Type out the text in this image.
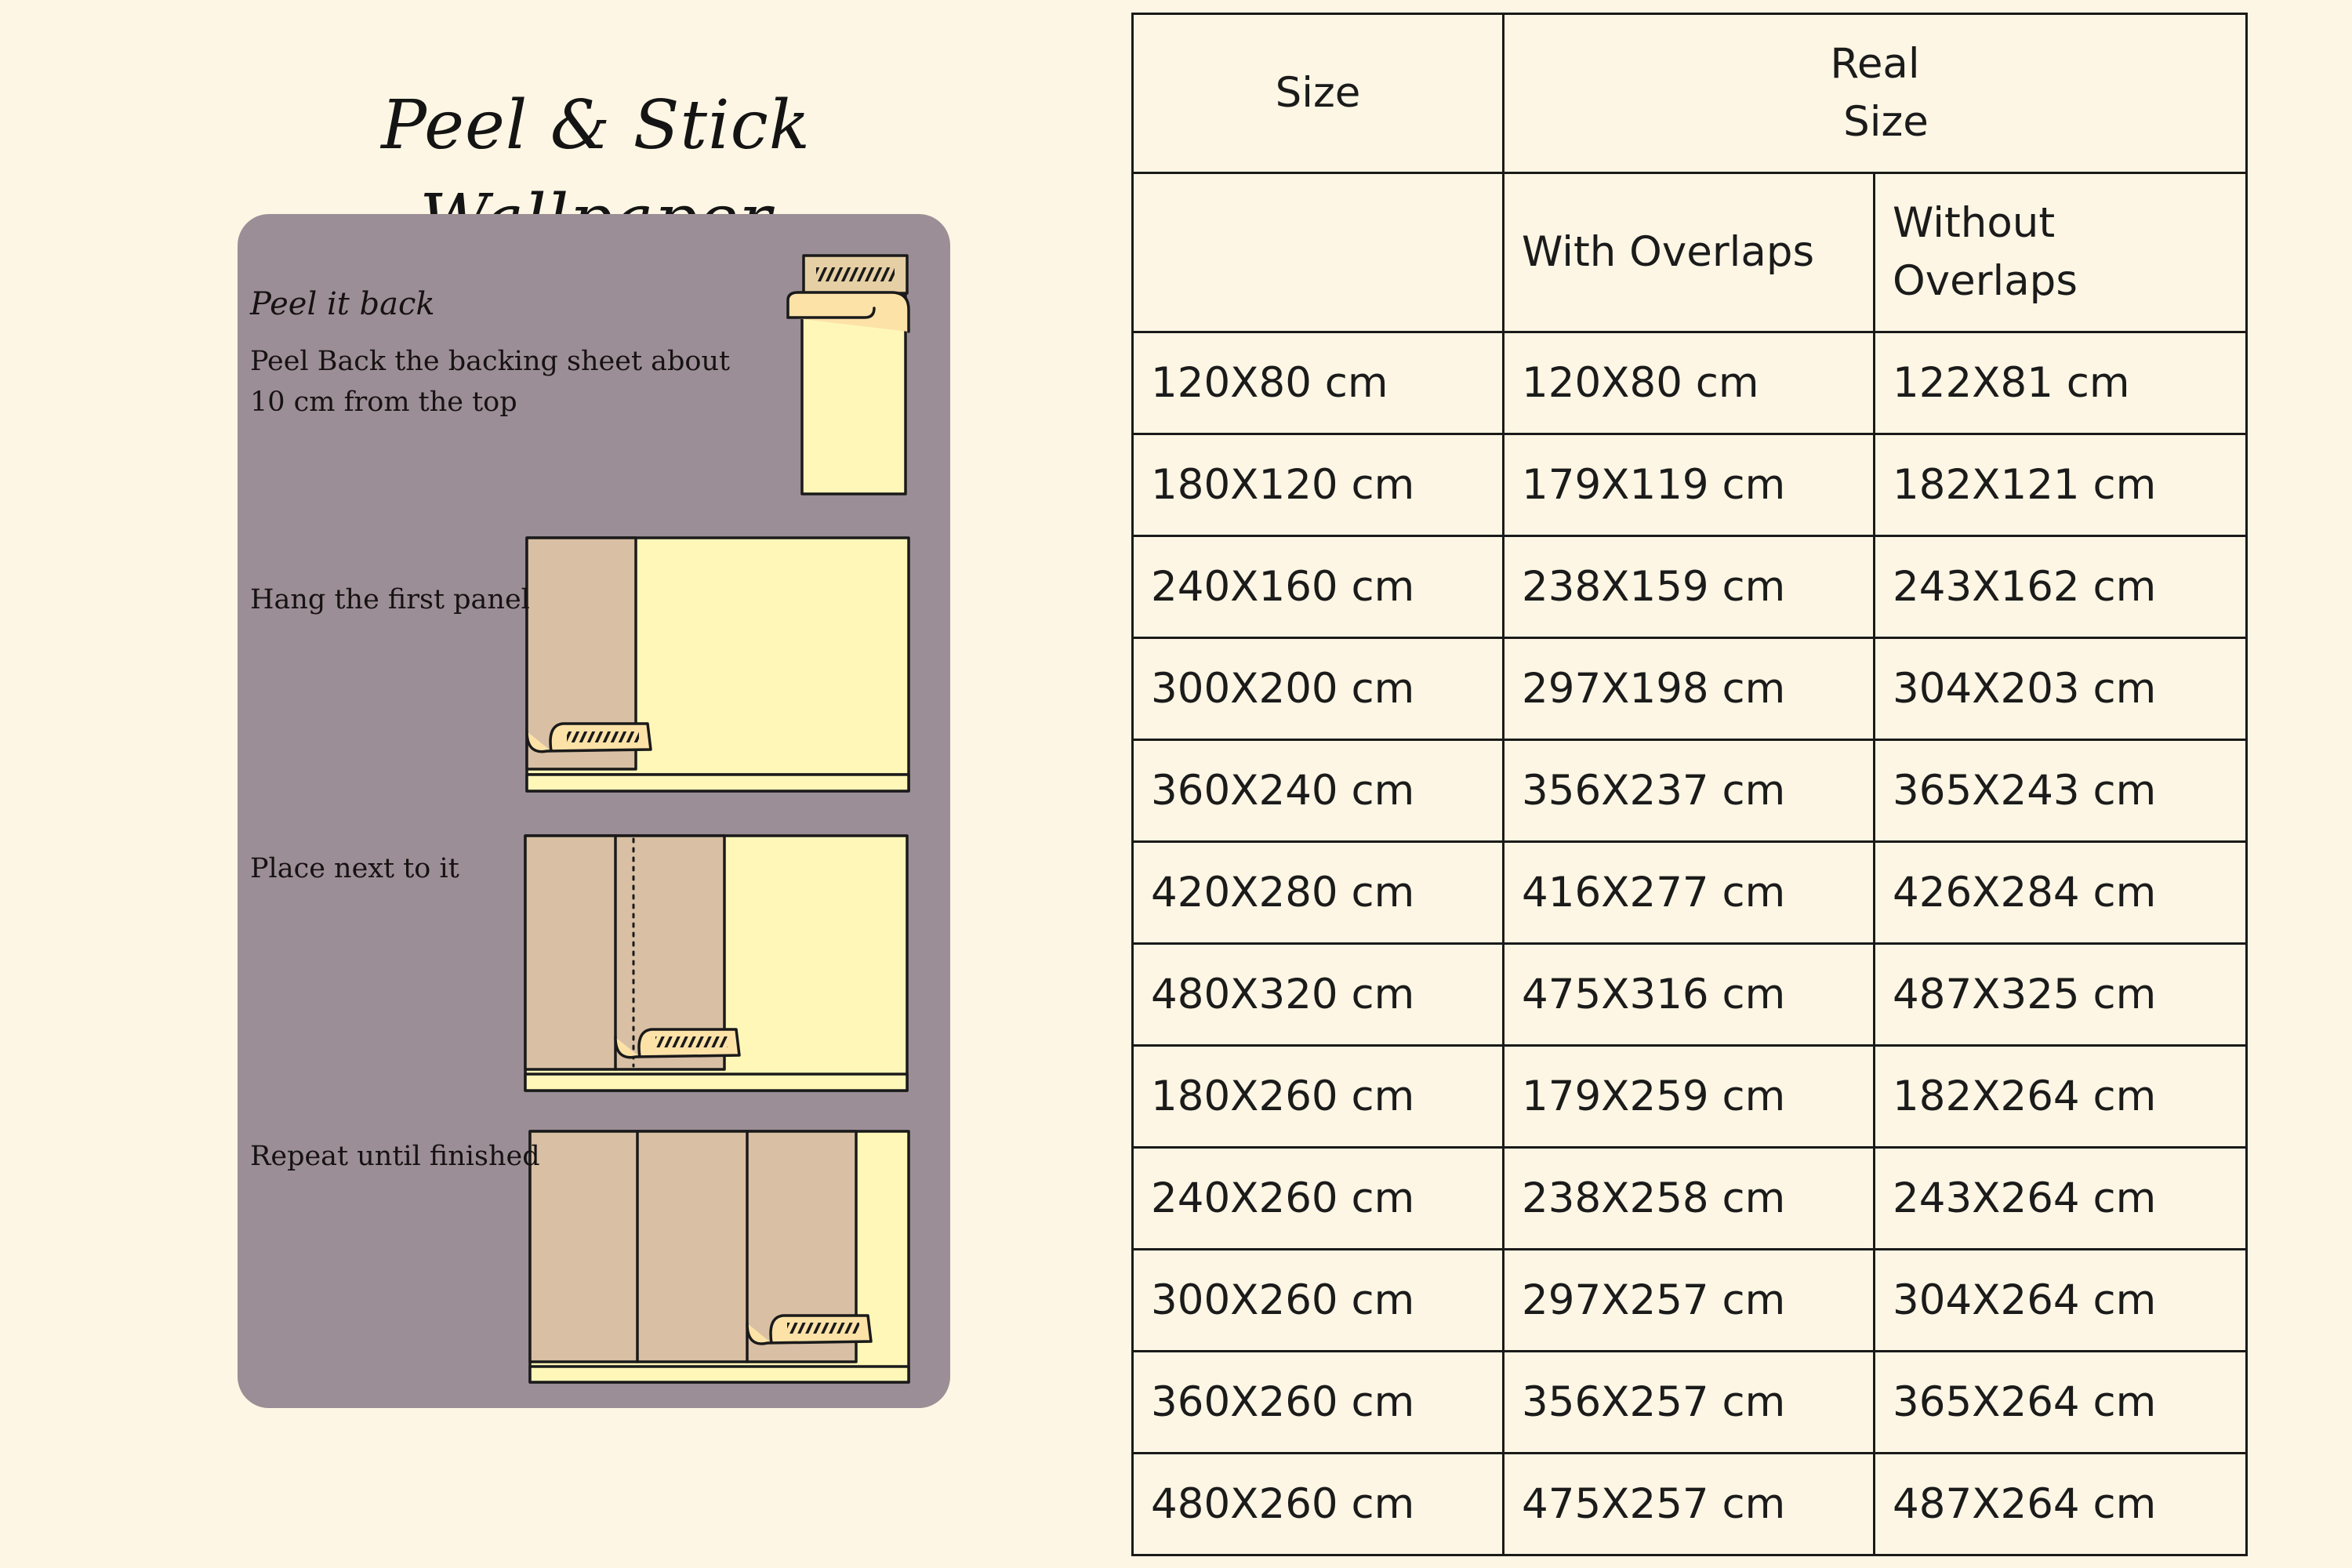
Peel & Stick
Peel it back
Peel Back the backing sheet about
10 cm from the top
Hang the first panel
Place next to it
Repeat until finished
Size	Real
Size	

	With Overlaps	Without
Overlaps

120X80 cm	120X80 cm	122X81 cm
180X120 cm	179X119 cm	182X121 cm
240X160 cm	238X159 cm	243X162 cm
300X200 cm	297X198 cm	304X203 cm
360X240 cm	356X237 cm	365X243 cm
420X280 cm	416X277 cm	426X284 cm
480X320 cm	475X316 cm	487X325 cm
180X260 cm	179X259 cm	182X264 cm
240X260 cm	238X258 cm	243X264 cm
300X260 cm	297X257 cm	304X264 cm
360X260 cm	356X257 cm	365X264 cm
480X260 cm	475X257 cm	487X264 cm
